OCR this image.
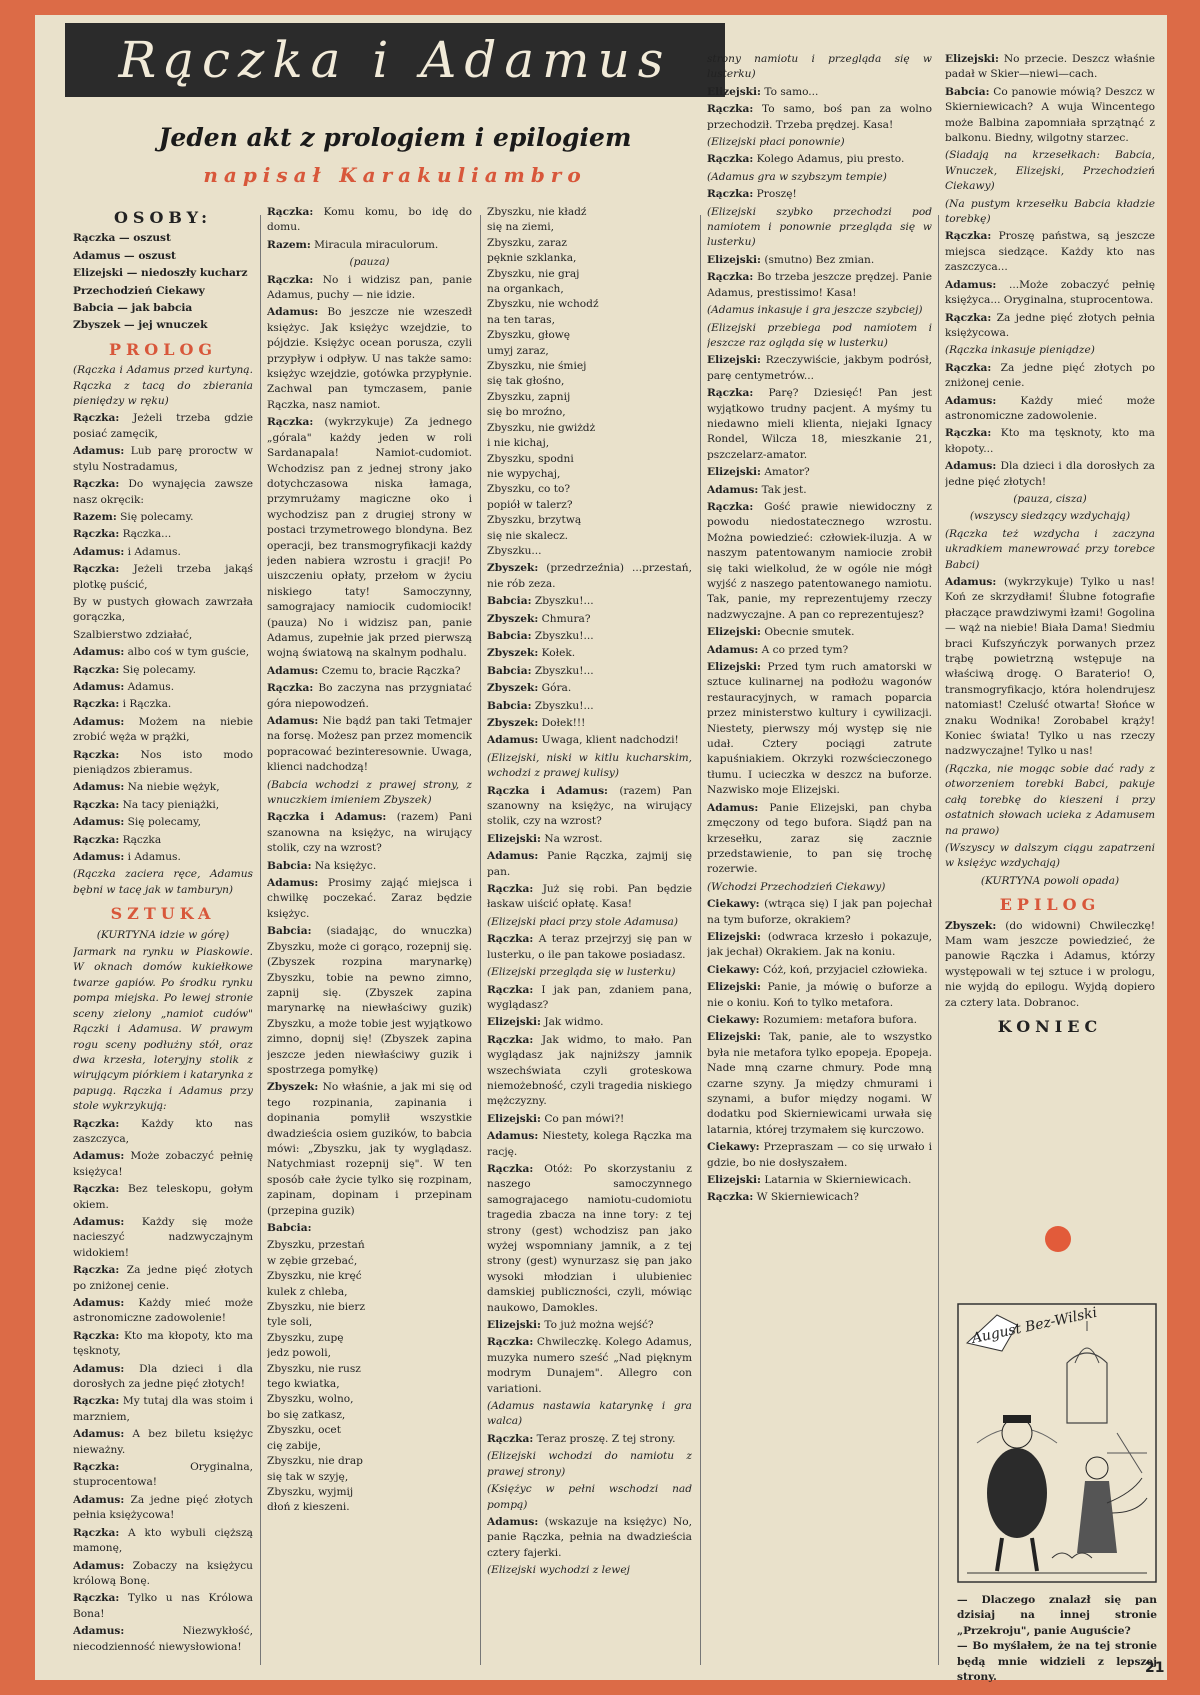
Rączka i Adamus
Jeden akt z prologiem i epilogiem
napisał Karakuliambro

OSOBY:

Rączka — oszust

Adamus — oszust

Elizejski — niedoszły kucharz

Przechodzień Ciekawy

Babcia — jak babcia

Zbyszek — jej wnuczek

PROLOG

(Rączka i Adamus przed kurtyną. Rączka z tacą do zbierania pieniędzy w ręku)

Rączka: Jeżeli trzeba gdzie posiać zamęcik,

Adamus: Lub parę proroctw w stylu Nostradamus,

Rączka: Do wynajęcia zawsze nasz okręcik:

Razem: Się polecamy.

Rączka: Rączka...

Adamus: i Adamus.

Rączka: Jeżeli trzeba jakąś plotkę puścić,

By w pustych głowach zawrzała gorączka,

Szalbierstwo zdziałać,

Adamus: albo coś w tym guście,

Rączka: Się polecamy.

Adamus: Adamus.

Rączka: i Rączka.

Adamus: Możem na niebie zrobić węża w prążki,

Rączka: Nos isto modo pieniądzos zbieramus.

Adamus: Na niebie wężyk,

Rączka: Na tacy pieniążki,

Adamus: Się polecamy,

Rączka: Rączka

Adamus: i Adamus.

(Rączka zaciera ręce, Adamus bębni w tacę jak w tamburyn)

SZTUKA

(KURTYNA idzie w górę)

Jarmark na rynku w Piaskowie. W oknach domów kukiełkowe twarze gapiów. Po środku rynku pompa miejska. Po lewej stronie sceny zielony „namiot cudów" Rączki i Adamusa. W prawym rogu sceny podłużny stół, oraz dwa krzesła, loteryjny stolik z wirującym piórkiem i katarynka z papugą. Rączka i Adamus przy stole wykrzykują:

Rączka: Każdy kto nas zaszczyca,

Adamus: Może zobaczyć pełnię księżyca!

Rączka: Bez teleskopu, gołym okiem.

Adamus: Każdy się może nacieszyć nadzwyczajnym widokiem!

Rączka: Za jedne pięć złotych po zniżonej cenie.

Adamus: Każdy mieć może astronomiczne zadowolenie!

Rączka: Kto ma kłopoty, kto ma tęsknoty,

Adamus: Dla dzieci i dla dorosłych za jedne pięć złotych!

Rączka: My tutaj dla was stoim i marzniem,

Adamus: A bez biletu księżyc nieważny.

Rączka:	Oryginalna, stuprocentowa!

Adamus: Za jedne pięć złotych pełnia księżycowa!

Rączka: A kto wybuli cięższą mamonę,

Adamus: Zobaczy na księżycu królową Bonę.

Rączka: Tylko u nas Królowa Bona!

Adamus:	Niezwykłość, niecodzienność niewysłowiona!

Rączka: Komu komu, bo idę do domu.

Razem: Miracula miraculorum.

(pauza)

Rączka: No i widzisz pan, panie Adamus, puchy — nie idzie.

Adamus: Bo jeszcze nie wzeszedł księżyc. Jak księżyc wzejdzie, to pójdzie. Księżyc ocean porusza, czyli przypływ i odpływ. U nas także samo: księżyc wzejdzie, gotówka przypłynie. Zachwal pan tymczasem, panie Rączka, nasz namiot.

Rączka: (wykrzykuje) Za jednego „górala" każdy jeden w roli Sardanapala! Namiot-cudomiot. Wchodzisz pan z jednej strony jako dotychczasowa niska łamaga, przymrużamy magiczne oko i wychodzisz pan z drugiej strony w postaci trzymetrowego blondyna. Bez operacji, bez transmogryfikacji każdy jeden nabiera wzrostu i gracji! Po uiszczeniu opłaty, przełom w życiu niskiego taty! Samoczynny, samograjacy namiocik cudomiocik! (pauza) No i widzisz pan, panie Adamus, zupełnie jak przed pierwszą wojną światową na skalnym podhalu.

Adamus: Czemu to, bracie Rączka?

Rączka: Bo zaczyna nas przygniatać góra niepowodzeń.

Adamus: Nie bądź pan taki Tetmajer na forsę. Możesz pan przez momencik popracować bezinteresownie. Uwaga, klienci nadchodzą!

(Babcia wchodzi z prawej strony, z wnuczkiem imieniem Zbyszek)

Rączka i Adamus: (razem) Pani szanowna na księżyc, na wirujący stolik, czy na wzrost?

Babcia: Na księżyc.

Adamus: Prosimy zająć miejsca i chwilkę poczekać. Zaraz będzie księżyc.

Babcia: (siadając, do wnuczka) Zbyszku, może ci gorąco, rozepnij się. (Zbyszek rozpina marynarkę) Zbyszku, tobie na pewno zimno, zapnij się. (Zbyszek zapina marynarkę na niewłaściwy guzik) Zbyszku, a może tobie jest wyjątkowo zimno, dopnij się! (Zbyszek zapina jeszcze jeden niewłaściwy guzik i spostrzega pomyłkę)

Zbyszek: No właśnie, a jak mi się od tego rozpinania, zapinania i dopinania pomylił wszystkie dwadzieścia osiem guzików, to babcia mówi: „Zbyszku, jak ty wyglądasz. Natychmiast rozepnij się". W ten sposób całe życie tylko się rozpinam, zapinam, dopinam i przepinam (przepina guzik)

Babcia:

Zbyszku, przestań
w zębie grzebać,
Zbyszku, nie kręć
kulek z chleba,
Zbyszku, nie bierz
tyle soli,
Zbyszku, zupę
jedz powoli,
Zbyszku, nie rusz
tego kwiatka,
Zbyszku, wolno,
bo się zatkasz,
Zbyszku, ocet
cię zabije,
Zbyszku, nie drap
się tak w szyję,
Zbyszku, wyjmij
dłoń z kieszeni.

Zbyszku, nie kładź
się na ziemi,
Zbyszku, zaraz
pęknie szklanka,
Zbyszku, nie graj
na organkach,
Zbyszku, nie wchodź
na ten taras,
Zbyszku, głowę
umyj zaraz,
Zbyszku, nie śmiej
się tak głośno,
Zbyszku, zapnij
się bo mroźno,
Zbyszku, nie gwiżdż
i nie kichaj,
Zbyszku, spodni
nie wypychaj,
Zbyszku, co to?
popiół w talerz?
Zbyszku, brzytwą
się nie skalecz.
Zbyszku...

Zbyszek: (przedrzeźnia) ...przestań, nie rób zeza.

Babcia: Zbyszku!...

Zbyszek: Chmura?

Babcia: Zbyszku!...

Zbyszek: Kołek.

Babcia: Zbyszku!...

Zbyszek: Góra.

Babcia: Zbyszku!...

Zbyszek: Dołek!!!

Adamus: Uwaga, klient nadchodzi!

(Elizejski, niski w kitlu kucharskim, wchodzi z prawej kulisy)

Rączka i Adamus: (razem) Pan szanowny na księżyc, na wirujący stolik, czy na wzrost?

Elizejski: Na wzrost.

Adamus: Panie Rączka, zajmij się pan.

Rączka: Już się robi. Pan będzie łaskaw uiścić opłatę. Kasa!

(Elizejski płaci przy stole Adamusa)

Rączka: A teraz przejrzyj się pan w lusterku, o ile pan takowe posiadasz.

(Elizejski przegląda się w lusterku)

Rączka: I jak pan, zdaniem pana, wyglądasz?

Elizejski: Jak widmo.

Rączka: Jak widmo, to mało. Pan wyglądasz jak najniższy jamnik wszechświata czyli groteskowa niemożebność, czyli tragedia niskiego mężczyzny.

Elizejski: Co pan mówi?!

Adamus: Niestety, kolega Rączka ma rację.

Rączka: Otóż: Po skorzystaniu z naszego samoczynnego samograjacego namiotu-cudomiotu tragedia zbacza na inne tory: z tej strony (gest) wchodzisz pan jako wyżej wspomniany jamnik, a z tej strony (gest) wynurzasz się pan jako wysoki młodzian i ulubieniec damskiej publiczności, czyli, mówiąc naukowo, Damokles.

Elizejski: To już można wejść?

Rączka: Chwileczkę. Kolego Adamus, muzyka numero sześć „Nad pięknym modrym Dunajem". Allegro con variationi.

(Adamus nastawia katarynkę i gra walca)

Rączka: Teraz proszę. Z tej strony.

(Elizejski wchodzi do namiotu z prawej strony)

(Księżyc w pełni wschodzi nad pompą)

Adamus: (wskazuje na księżyc) No, panie Rączka, pełnia na dwadzieścia cztery fajerki.

(Elizejski wychodzi z lewej

strony namiotu i przegląda się w lusterku)

Elizejski: To samo...

Rączka: To samo, boś pan za wolno przechodził. Trzeba prędzej. Kasa!

(Elizejski płaci ponownie)

Rączka: Kolego Adamus, piu presto.

(Adamus gra w szybszym tempie)

Rączka: Proszę!

(Elizejski szybko przechodzi pod namiotem i ponownie przegląda się w lusterku)

Elizejski: (smutno) Bez zmian.

Rączka: Bo trzeba jeszcze prędzej. Panie Adamus, prestissimo! Kasa!

(Adamus inkasuje i gra jeszcze szybciej)

(Elizejski przebiega pod namiotem i jeszcze raz ogląda się w lusterku)

Elizejski: Rzeczywiście, jakbym podrósł, parę centymetrów...

Rączka: Parę? Dziesięć! Pan jest wyjątkowo trudny pacjent. A myśmy tu niedawno mieli klienta, niejaki Ignacy Rondel, Wilcza 18, mieszkanie 21, pszczelarz-amator.

Elizejski: Amator?

Adamus: Tak jest.

Rączka: Gość prawie niewidoczny z powodu niedostatecznego wzrostu. Można powiedzieć: człowiek-iluzja. A w naszym patentowanym namiocie zrobił się taki wielkolud, że w ogóle nie mógł wyjść z naszego patentowanego namiotu. Tak, panie, my reprezentujemy rzeczy nadzwyczajne. A pan co reprezentujesz?

Elizejski: Obecnie smutek.

Adamus: A co przed tym?

Elizejski: Przed tym ruch amatorski w sztuce kulinarnej na podłożu wagonów restauracyjnych, w ramach poparcia przez ministerstwo kultury i cywilizacji. Niestety, pierwszy mój występ się nie udał. Cztery pociągi zatrute kapuśniakiem. Okrzyki rozwścieczonego tłumu. I ucieczka w deszcz na buforze. Nazwisko moje Elizejski.

Adamus: Panie Elizejski, pan chyba zmęczony od tego bufora. Siądź pan na krzesełku, zaraz się zacznie przedstawienie, to pan się trochę rozerwie.

(Wchodzi Przechodzień Ciekawy)

Ciekawy: (wtrąca się) I jak pan pojechał na tym buforze, okrakiem?

Elizejski: (odwraca krzesło i pokazuje, jak jechał) Okrakiem. Jak na koniu.

Ciekawy: Cóż, koń, przyjaciel człowieka.

Elizejski: Panie, ja mówię o buforze a nie o koniu. Koń to tylko metafora.

Ciekawy: Rozumiem: metafora bufora.

Elizejski: Tak, panie, ale to wszystko była nie metafora tylko epopeja. Epopeja. Nade mną czarne chmury. Pode mną czarne szyny. Ja między chmurami i szynami, a bufor między nogami. W dodatku pod Skierniewicami urwała się latarnia, której trzymałem się kurczowo.

Ciekawy: Przepraszam — co się urwało i gdzie, bo nie dosłyszałem.

Elizejski: Latarnia w Skierniewicach.

Rączka: W Skierniewicach?

Elizejski: No przecie. Deszcz właśnie padał w Skier—niewi—cach.

Babcia: Co panowie mówią? Deszcz w Skierniewicach? A wuja Wincentego może Balbina zapomniała sprzątnąć z balkonu. Biedny, wilgotny starzec.

(Siadają na krzesełkach: Babcia, Wnuczek, Elizejski, Przechodzień Ciekawy)

(Na pustym krzesełku Babcia kładzie torebkę)

Rączka: Proszę państwa, są jeszcze miejsca siedzące. Każdy kto nas zaszczyca...

Adamus: ...Może zobaczyć pełnię księżyca... Oryginalna, stuprocentowa.

Rączka: Za jedne pięć złotych pełnia księżycowa.

(Rączka inkasuje pieniądze)

Rączka: Za jedne pięć złotych po zniżonej cenie.

Adamus: Każdy mieć może astronomiczne zadowolenie.

Rączka: Kto ma tęsknoty, kto ma kłopoty...

Adamus: Dla dzieci i dla dorosłych za jedne pięć złotych!

(pauza, cisza)

(wszyscy siedzący wzdychają)

(Rączka też wzdycha i zaczyna ukradkiem manewrować przy torebce Babci)

Adamus: (wykrzykuje) Tylko u nas! Koń ze skrzydłami! Ślubne fotografie płaczące prawdziwymi łzami! Gogolina — wąż na niebie! Biała Dama! Siedmiu braci Kufszyńczyk porwanych przez trąbę powietrzną wstępuje na właściwą drogę. O Baraterio! O, transmogryfikacjo, która holendrujesz natomiast! Czeluść otwarta! Słońce w znaku Wodnika! Zorobabel krąży! Koniec świata! Tylko u nas rzeczy nadzwyczajne! Tylko u nas!

(Rączka, nie mogąc sobie dać rady z otworzeniem torebki Babci, pakuje całą torebkę do kieszeni i przy ostatnich słowach ucieka z Adamusem na prawo)

(Wszyscy w dalszym ciągu zapatrzeni w księżyc wzdychają)

(KURTYNA powoli opada)

EPILOG

Zbyszek: (do widowni) Chwileczkę! Mam wam jeszcze powiedzieć, że panowie Rączka i Adamus, którzy występowali w tej sztuce i w prologu, nie wyjdą do epilogu. Wyjdą dopiero za cztery lata. Dobranoc.

KONIEC

August Bez-Wilski
— Dlaczego znalazł się pan dzisiaj na innej stronie „Przekroju", panie Auguście?
— Bo myślałem, że na tej stronie będą mnie widzieli z lepszej strony.
21
